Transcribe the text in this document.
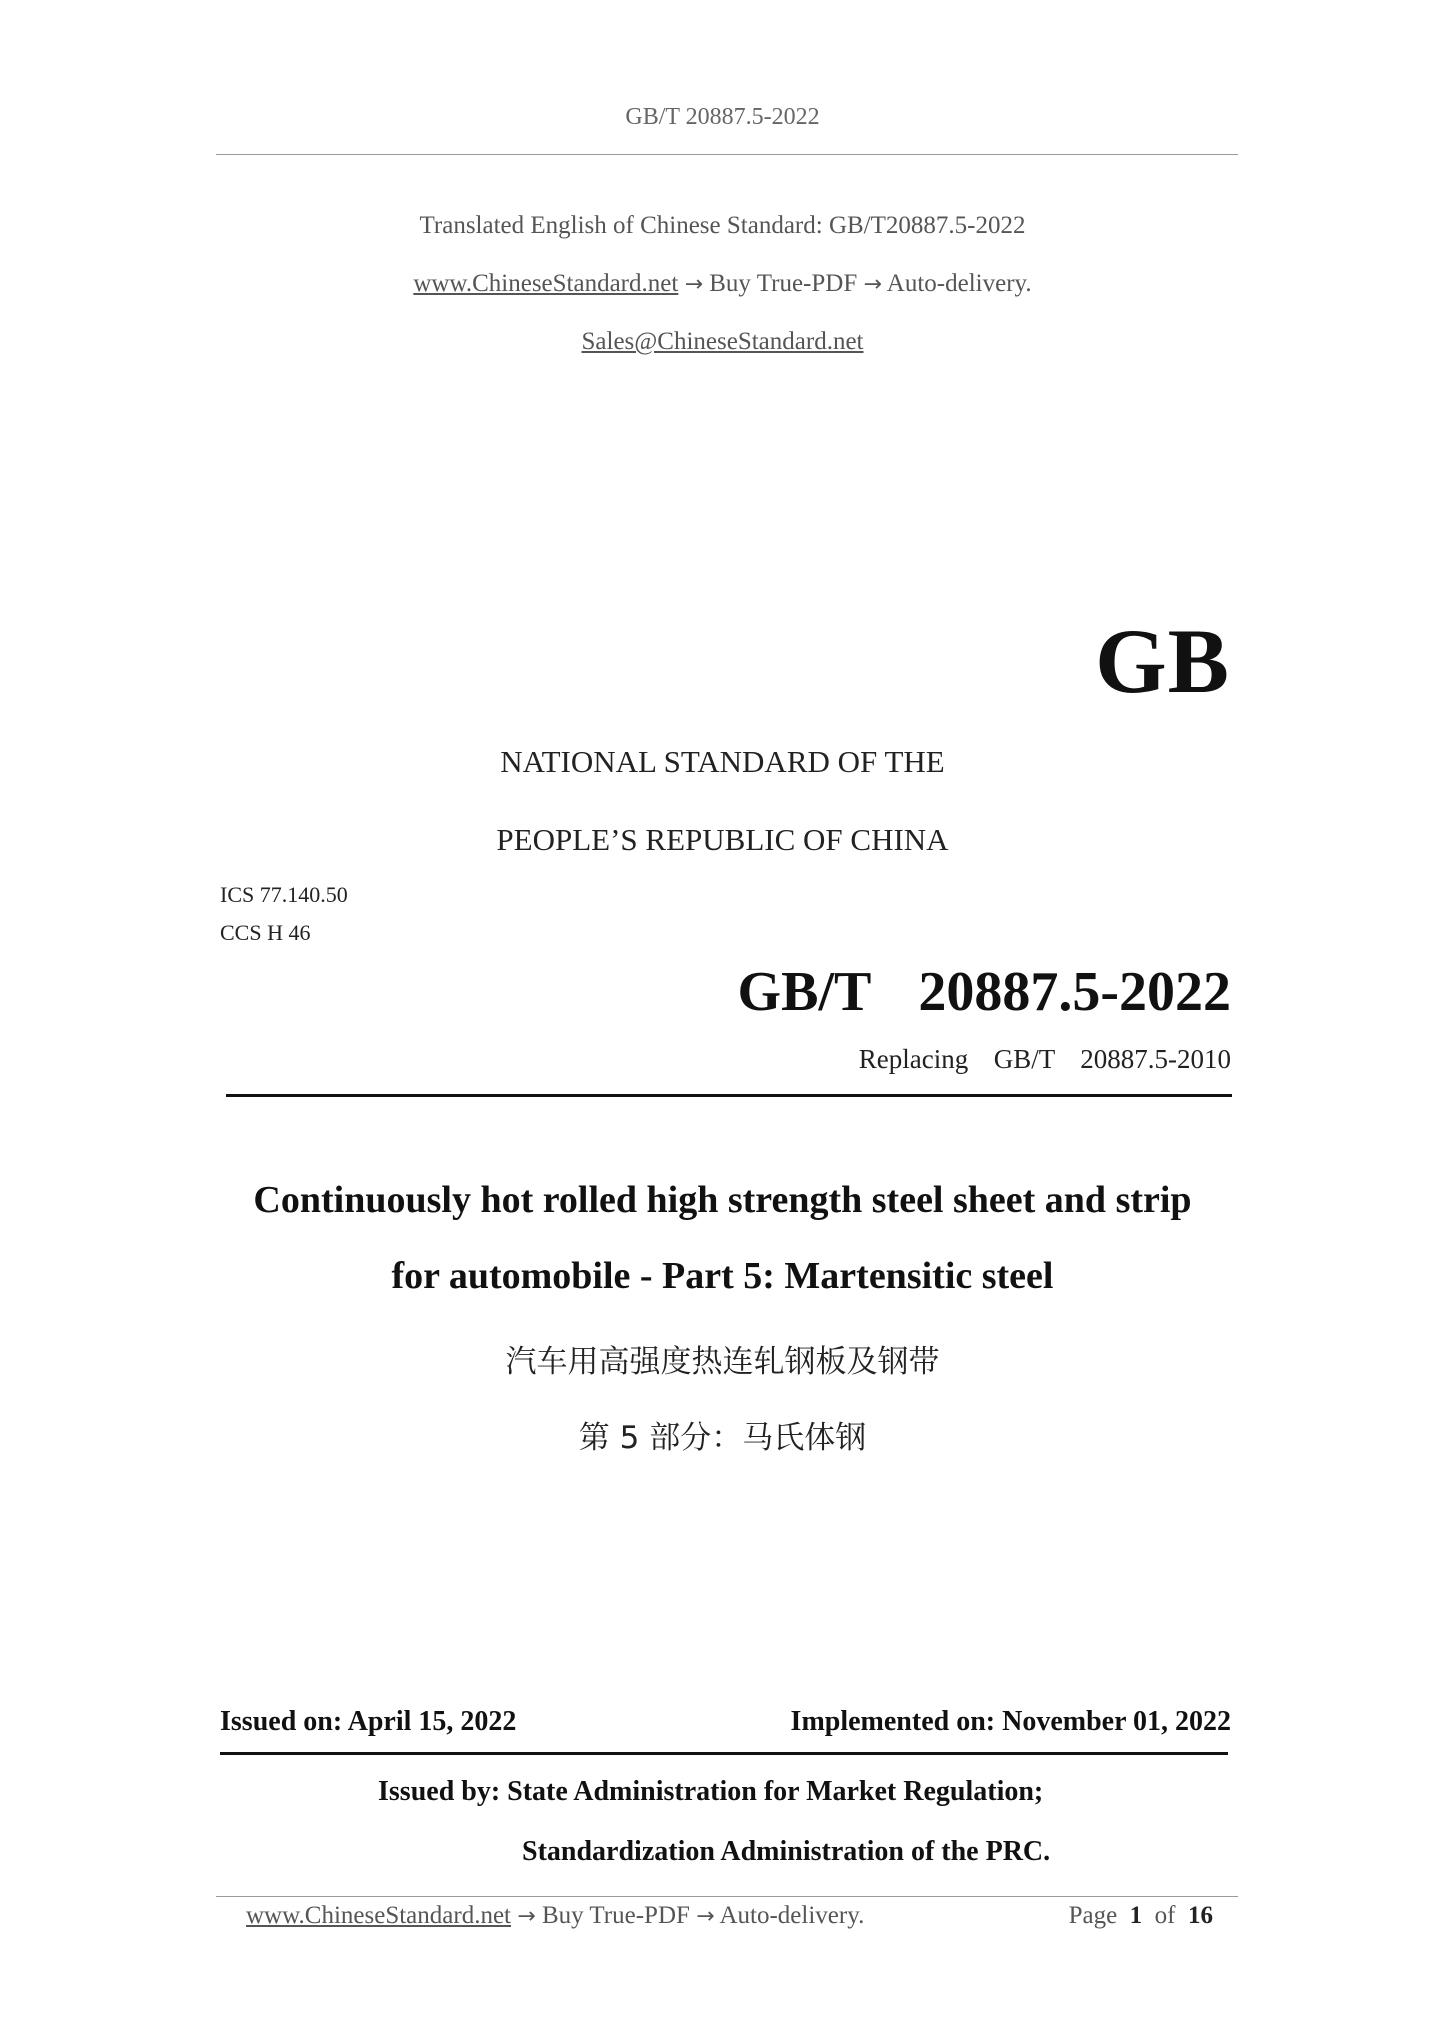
GB/T 20887.5-2022
Translated English of Chinese Standard: GB/T20887.5-2022
www.ChineseStandard.net → Buy True-PDF → Auto-delivery.
Sales@ChineseStandard.net
GB
NATIONAL STANDARD OF THE
PEOPLE’S REPUBLIC OF CHINA
ICS 77.140.50
CCS H 46
GB/T  20887.5-2022
Replacing  GB/T  20887.5-2010
Continuously hot rolled high strength steel sheet and strip
for automobile - Part 5: Martensitic steel
汽车用高强度热连轧钢板及钢带
第 5 部分：马氏体钢
Issued on: April 15, 2022	Implemented on: November 01, 2022
Issued by: State Administration for Market Regulation;
Standardization Administration of the PRC.
www.ChineseStandard.net → Buy True-PDF → Auto-delivery.	Page 1 of 16
